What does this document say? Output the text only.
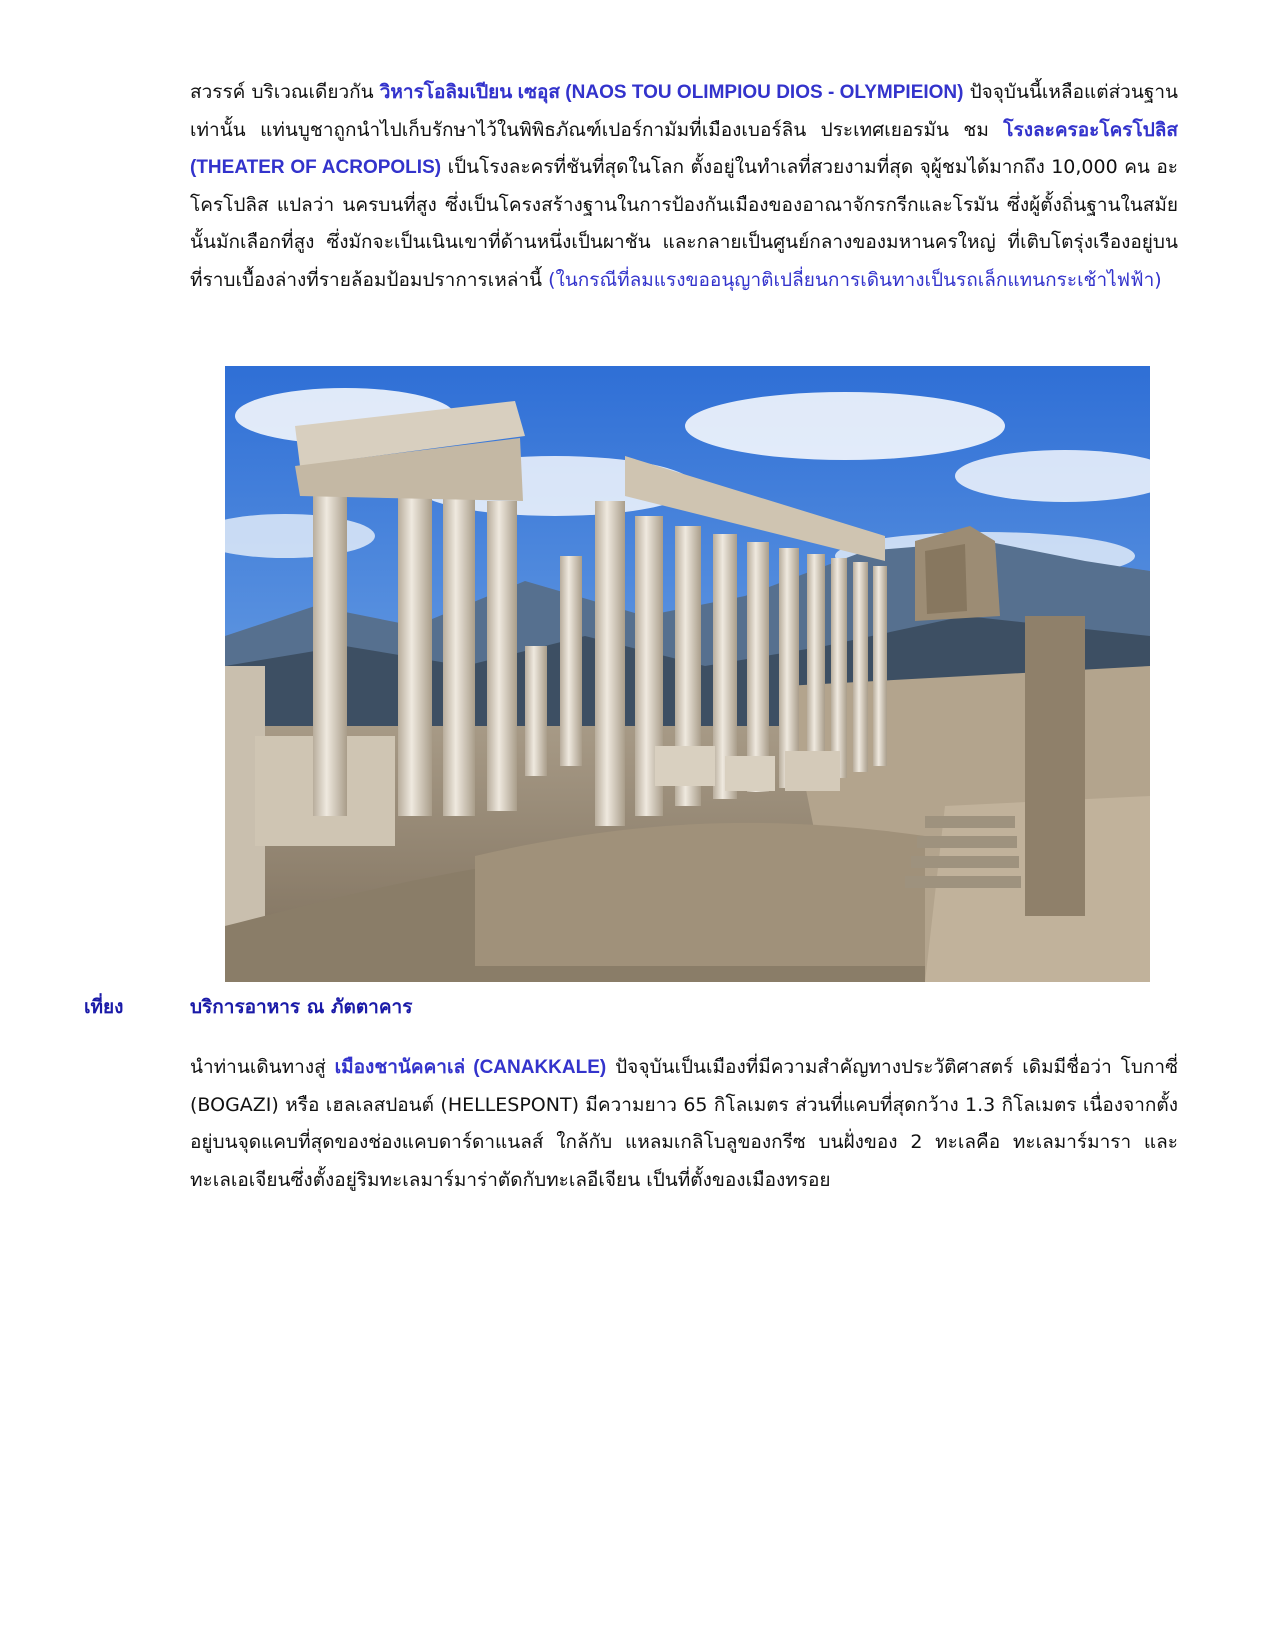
สวรรค์ บริเวณเดียวกัน วิหารโอลิมเปียน เซอุส (NAOS TOU OLIMPIOU DIOS - OLYMPIEION) ปัจจุบันนี้เหลือแต่ส่วนฐานเท่านั้น แท่นบูชาถูกนำไปเก็บรักษาไว้ในพิพิธภัณฑ์เปอร์กามัมที่เมืองเบอร์ลิน ประเทศเยอรมัน ชม โรงละครอะโครโปลิส (THEATER OF ACROPOLIS) เป็นโรงละครที่ชันที่สุดในโลก ตั้งอยู่ในทำเลที่สวยงามที่สุด จุผู้ชมได้มากถึง 10,000 คน อะโครโปลิส แปลว่า นครบนที่สูง ซึ่งเป็นโครงสร้างฐานในการป้องกันเมืองของอาณาจักรกรีกและโรมัน ซึ่งผู้ตั้งถิ่นฐานในสมัยนั้นมักเลือกที่สูง ซึ่งมักจะเป็นเนินเขาที่ด้านหนึ่งเป็นผาชัน และกลายเป็นศูนย์กลางของมหานครใหญ่ ที่เติบโตรุ่งเรืองอยู่บนที่ราบเบื้องล่างที่รายล้อมป้อมปราการเหล่านี้ (ในกรณีที่ลมแรงขออนุญาติเปลี่ยนการเดินทางเป็นรถเล็กแทนกระเช้าไฟฟ้า)
เที่ยง	บริการอาหาร ณ ภัตตาคาร
นำท่านเดินทางสู่ เมืองชานัคคาเล่ (CANAKKALE) ปัจจุบันเป็นเมืองที่มีความสำคัญทางประวัติศาสตร์ เดิมมีชื่อว่า โบกาซี่ (BOGAZI) หรือ เฮลเลสปอนต์ (HELLESPONT) มีความยาว 65 กิโลเมตร ส่วนที่แคบที่สุดกว้าง 1.3 กิโลเมตร เนื่องจากตั้งอยู่บนจุดแคบที่สุดของช่องแคบดาร์ดาแนลส์ ใกล้กับ แหลมเกลิโบลูของกรีซ บนฝั่งของ 2 ทะเลคือ ทะเลมาร์มารา และ ทะเลเอเจียนซึ่งตั้งอยู่ริมทะเลมาร์มาร่าตัดกับทะเลอีเจียน เป็นที่ตั้งของเมืองทรอย
